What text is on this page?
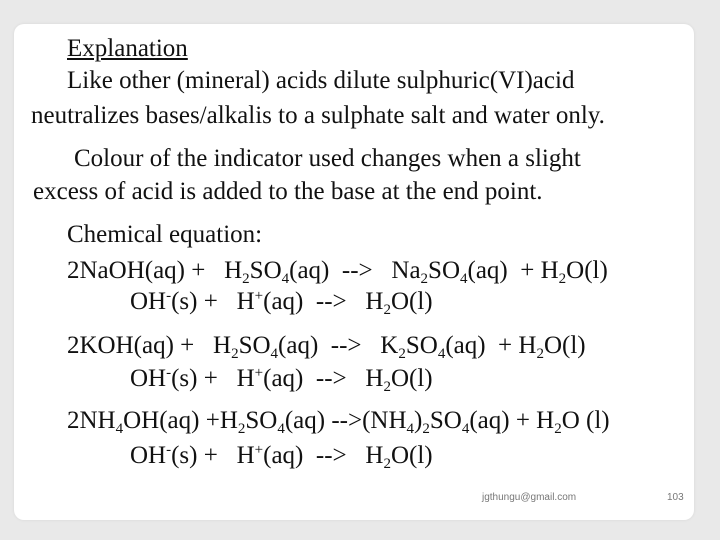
Explanation
Like other (mineral) acids dilute sulphuric(VI)acid
neutralizes bases/alkalis to a sulphate salt and water only.
Colour of the indicator used changes when a slight
excess of acid is added to the base at the end point.
Chemical equation:
2NaOH(aq) +   $H_2SO_4(aq)$  -->   $Na_2SO_4(aq) + H_2O(l)$
OH-(s) +   H+(aq)  -->   $H_2O(l)$
$2KOH(aq) + H_2SO_4(aq)$  -->   $K_2SO_4(aq) + H_2O(l)$
OH-(s) +   H+(aq)  -->   $H_2O(l)$
$2NH_4OH(aq) +H_2SO_4(aq) -->(NH_4)_2SO_4(aq) + H_2O$ (l)
OH-(s) +   H+(aq)  -->   $H_2O(l)$
jgthungu@gmail.com	103
